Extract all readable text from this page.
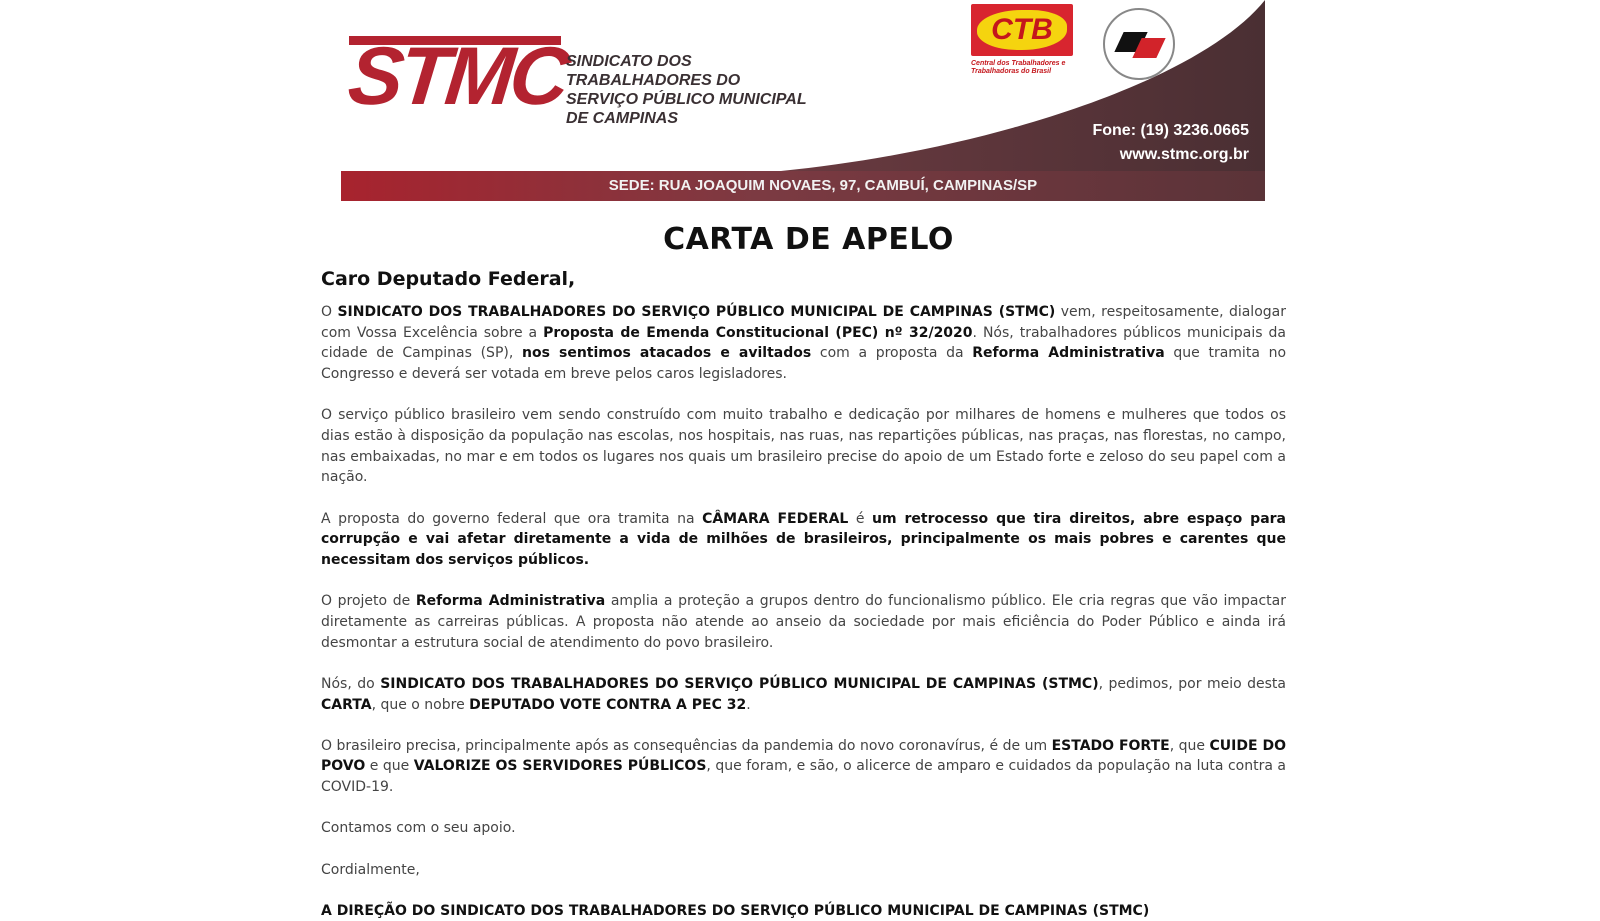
STMC
SINDICATO DOS
TRABALHADORES DO
SERVIÇO PÚBLICO MUNICIPAL
DE CAMPINAS
CTB
Central dos Trabalhadores e Trabalhadoras do Brasil
Fone: (19) 3236.0665
www.stmc.org.br
SEDE: RUA JOAQUIM NOVAES, 97, CAMBUÍ, CAMPINAS/SP
CARTA DE APELO
Caro Deputado Federal,

O SINDICATO DOS TRABALHADORES DO SERVIÇO PÚBLICO MUNICIPAL DE CAMPINAS (STMC) vem, respeitosamente, dialogar com Vossa Excelência sobre a Proposta de Emenda Constitucional (PEC) nº 32/2020. Nós, trabalhadores públicos municipais da cidade de Campinas (SP), nos sentimos atacados e aviltados com a proposta da Reforma Administrativa que tramita no Congresso e deverá ser votada em breve pelos caros legisladores.

O serviço público brasileiro vem sendo construído com muito trabalho e dedicação por milhares de homens e mulheres que todos os dias estão à disposição da população nas escolas, nos hospitais, nas ruas, nas repartições públicas, nas praças, nas florestas, no campo, nas embaixadas, no mar e em todos os lugares nos quais um brasileiro precise do apoio de um Estado forte e zeloso do seu papel com a nação.

A proposta do governo federal que ora tramita na CÂMARA FEDERAL é um retrocesso que tira direitos, abre espaço para corrupção e vai afetar diretamente a vida de milhões de brasileiros, principalmente os mais pobres e carentes que necessitam dos serviços públicos.

O projeto de Reforma Administrativa amplia a proteção a grupos dentro do funcionalismo público. Ele cria regras que vão impactar diretamente as carreiras públicas. A proposta não atende ao anseio da sociedade por mais eficiência do Poder Público e ainda irá desmontar a estrutura social de atendimento do povo brasileiro.

Nós, do SINDICATO DOS TRABALHADORES DO SERVIÇO PÚBLICO MUNICIPAL DE CAMPINAS (STMC), pedimos, por meio desta CARTA, que o nobre DEPUTADO VOTE CONTRA A PEC 32.

O brasileiro precisa, principalmente após as consequências da pandemia do novo coronavírus, é de um ESTADO FORTE, que CUIDE DO POVO e que VALORIZE OS SERVIDORES PÚBLICOS, que foram, e são, o alicerce de amparo e cuidados da população na luta contra a COVID-19.

Contamos com o seu apoio.

Cordialmente,

A DIREÇÃO DO SINDICATO DOS TRABALHADORES DO SERVIÇO PÚBLICO MUNICIPAL DE CAMPINAS (STMC)
